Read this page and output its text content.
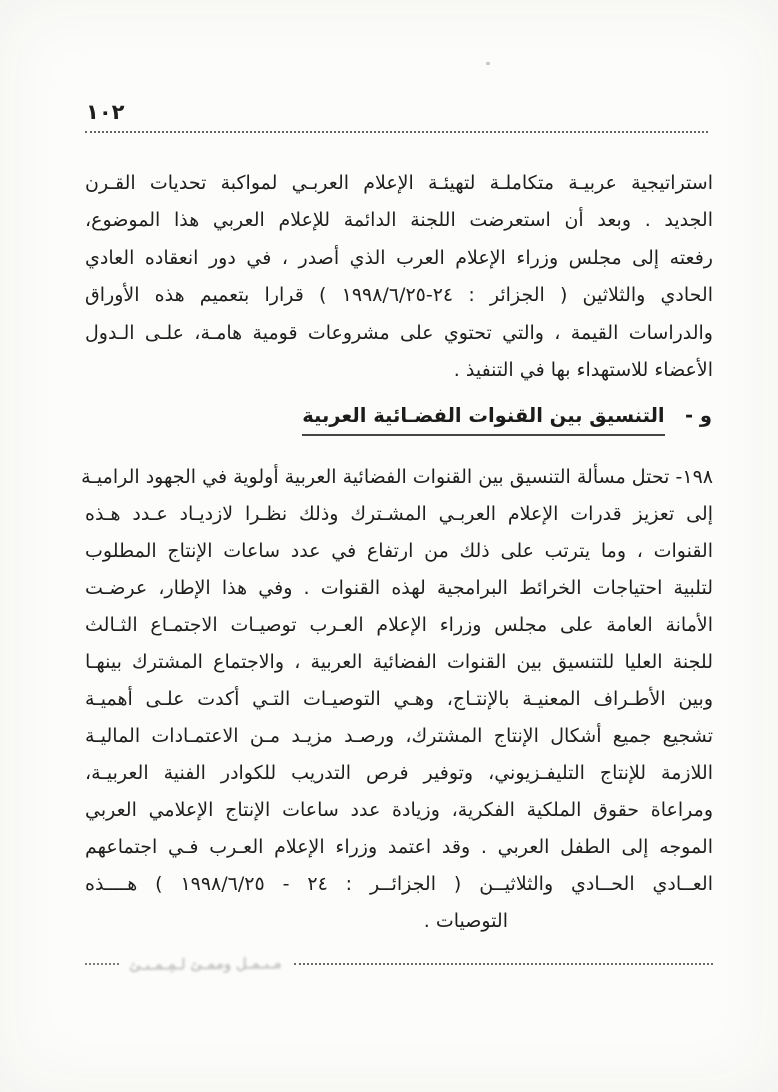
١٠٢
استراتيجية عربيـة متكاملـة لتهيئـة الإعلام العربـي لمواكبة تحديات القـرن
الجديد . وبعد أن استعرضت اللجنة الدائمة للإعلام العربي هذا الموضوع،
رفعته إلى مجلس وزراء الإعلام العرب الذي أصدر ، في دور انعقاده العادي
الحادي والثلاثين ( الجزائر : ٢٤-١٩٩٨/٦/٢٥ ) قرارا بتعميم هذه الأوراق
والدراسات القيمة ، والتي تحتوي على مشروعات قومية هامـة، علـى الـدول
الأعضاء للاستهداء بها في التنفيذ .
و -   التنسيق بين القنوات الفضـائية العربية
١٩٨- تحتل مسألة التنسيق بين القنوات الفضائية العربية أولوية في الجهود الراميـة
إلى تعزيز قدرات الإعلام العربـي المشـترك وذلك نظـرا لازديـاد عـدد هـذه
القنوات ، وما يترتب على ذلك من ارتفاع في عدد ساعات الإنتاج المطلوب
لتلبية احتياجات الخرائط البرامجية لهذه القنوات . وفي هذا الإطار، عرضـت
الأمانة العامة على مجلس وزراء الإعلام العـرب توصيـات الاجتمـاع الثـالث
للجنة العليا للتنسيق بين القنوات الفضائية العربية ، والاجتماع المشترك بينهـا
وبين الأطـراف المعنيـة بالإنتـاج، وهـي التوصيـات التـي أكدت علـى أهميـة
تشجيع جميع أشكال الإنتاج المشترك، ورصـد مزيـد مـن الاعتمـادات الماليـة
اللازمة للإنتاج التليفـزيوني، وتوفير فرص التدريب للكوادر الفنية العربيـة،
ومراعاة حقوق الملكية الفكرية، وزيادة عدد ساعات الإنتاج الإعلامي العربي
الموجه إلى الطفل العربي . وقد اعتمد وزراء الإعلام العـرب فـي اجتماعهم
العــادي الحــادي والثلاثيــن ( الجزائــر : ٢٤ - ١٩٩٨/٦/٢٥ ) هــــذه
التوصيات .
مـىـمـل وممـئ لـمِـمـىـئ
